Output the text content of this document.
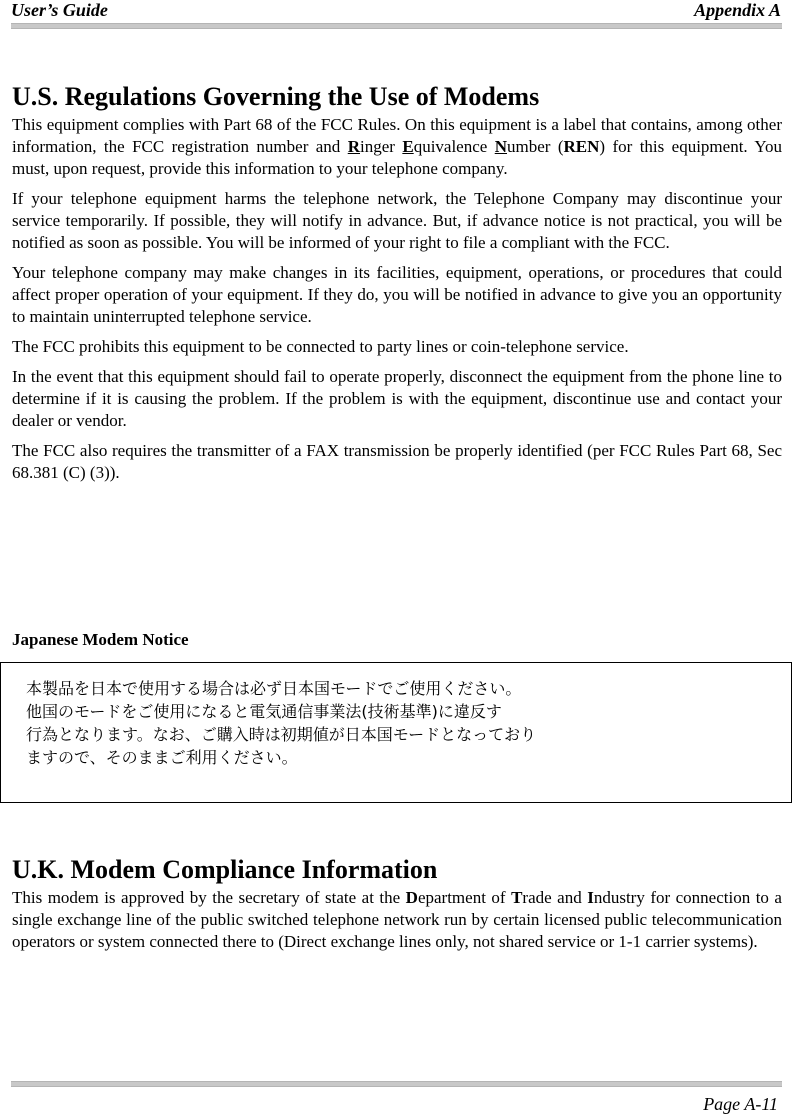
User’s Guide	Appendix A
U.S. Regulations Governing the Use of Modems

This equipment complies with Part 68 of the FCC Rules. On this equipment is a label that contains, among other information, the FCC registration number and Ringer Equivalence Number (REN) for this equipment. You must, upon request, provide this information to your telephone company.

If your telephone equipment harms the telephone network, the Telephone Company may discontinue your service temporarily. If possible, they will notify in advance. But, if advance notice is not practical, you will be notified as soon as possible. You will be informed of your right to file a compliant with the FCC.

Your telephone company may make changes in its facilities, equipment, operations, or procedures that could affect proper operation of your equipment. If they do, you will be notified in advance to give you an opportunity to maintain uninterrupted telephone service.

The FCC prohibits this equipment to be connected to party lines or coin-telephone service.

In the event that this equipment should fail to operate properly, disconnect the equipment from the phone line to determine if it is causing the problem. If the problem is with the equipment, discontinue use and contact your dealer or vendor.

The FCC also requires the transmitter of a FAX transmission be properly identified (per FCC Rules Part 68, Sec 68.381 (C) (3)).

Japanese Modem Notice
本製品を日本で使用する場合は必ず日本国モードでご使用ください。
他国のモードをご使用になると電気通信事業法(技術基準)に違反す
行為となります。なお、ご購入時は初期値が日本国モードとなっており
ますので、そのままご利用ください。
U.K. Modem Compliance Information

This modem is approved by the secretary of state at the Department of Trade and Industry for connection to a single exchange line of the public switched telephone network run by certain licensed public telecommunication operators or system connected there to (Direct exchange lines only, not shared service or 1-1 carrier systems).

Page A-11
